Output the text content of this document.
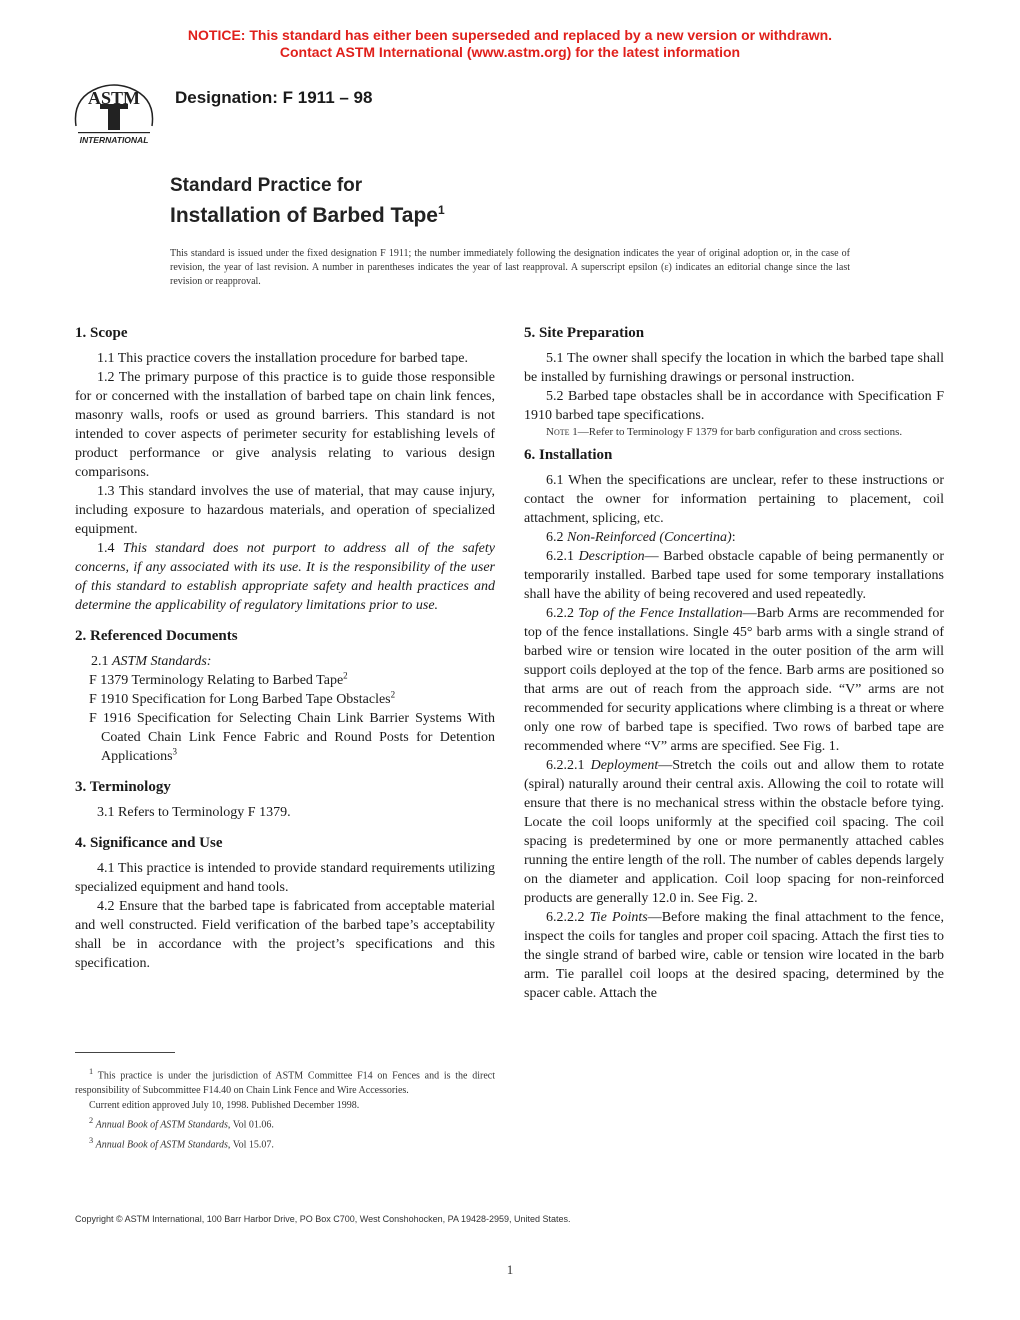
NOTICE: This standard has either been superseded and replaced by a new version or withdrawn.
Contact ASTM International (www.astm.org) for the latest information
ASTM
INTERNATIONAL
Designation: F 1911 – 98
Standard Practice for
Installation of Barbed Tape$^1$
This standard is issued under the fixed designation F 1911; the number immediately following the designation indicates the year of original adoption or, in the case of revision, the year of last revision. A number in parentheses indicates the year of last reapproval. A superscript epsilon (ε) indicates an editorial change since the last revision or reapproval.
1. Scope

1.1 This practice covers the installation procedure for barbed tape.

1.2 The primary purpose of this practice is to guide those responsible for or concerned with the installation of barbed tape on chain link fences, masonry walls, roofs or used as ground barriers. This standard is not intended to cover aspects of perimeter security for establishing levels of product performance or give analysis relating to various design comparisons.

1.3 This standard involves the use of material, that may cause injury, including exposure to hazardous materials, and operation of specialized equipment.

1.4 This standard does not purport to address all of the safety concerns, if any associated with its use. It is the responsibility of the user of this standard to establish appropriate safety and health practices and determine the applicability of regulatory limitations prior to use.

2. Referenced Documents

2.1 ASTM Standards:

F 1379 Terminology Relating to Barbed Tape$^2$

F 1910 Specification for Long Barbed Tape Obstacles$^2$

F 1916 Specification for Selecting Chain Link Barrier Systems With Coated Chain Link Fence Fabric and Round Posts for Detention Applications$^3$

3. Terminology

3.1 Refers to Terminology F 1379.

4. Significance and Use

4.1 This practice is intended to provide standard requirements utilizing specialized equipment and hand tools.

4.2 Ensure that the barbed tape is fabricated from acceptable material and well constructed. Field verification of the barbed tape’s acceptability shall be in accordance with the project’s specifications and this specification.

5. Site Preparation

5.1 The owner shall specify the location in which the barbed tape shall be installed by furnishing drawings or personal instruction.

5.2 Barbed tape obstacles shall be in accordance with Specification F 1910 barbed tape specifications.

Note 1—Refer to Terminology F 1379 for barb configuration and cross sections.

6. Installation

6.1 When the specifications are unclear, refer to these instructions or contact the owner for information pertaining to placement, coil attachment, splicing, etc.

6.2 Non-Reinforced (Concertina):

6.2.1 Description— Barbed obstacle capable of being permanently or temporarily installed. Barbed tape used for some temporary installations shall have the ability of being recovered and used repeatedly.

6.2.2 Top of the Fence Installation—Barb Arms are recommended for top of the fence installations. Single 45° barb arms with a single strand of barbed wire or tension wire located in the outer position of the arm will support coils deployed at the top of the fence. Barb arms are positioned so that arms are out of reach from the approach side. “V” arms are not recommended for security applications where climbing is a threat or where only one row of barbed tape is specified. Two rows of barbed tape are recommended where “V” arms are specified. See Fig. 1.

6.2.2.1 Deployment—Stretch the coils out and allow them to rotate (spiral) naturally around their central axis. Allowing the coil to rotate will ensure that there is no mechanical stress within the obstacle before tying. Locate the coil loops uniformly at the specified coil spacing. The coil spacing is predetermined by one or more permanently attached cables running the entire length of the roll. The number of cables depends largely on the diameter and application. Coil loop spacing for non-reinforced products are generally 12.0 in. See Fig. 2.

6.2.2.2 Tie Points—Before making the final attachment to the fence, inspect the coils for tangles and proper coil spacing. Attach the first ties to the single strand of barbed wire, cable or tension wire located in the barb arm. Tie parallel coil loops at the desired spacing, determined by the spacer cable. Attach the

$^1$ This practice is under the jurisdiction of ASTM Committee F14 on Fences and is the direct responsibility of Subcommittee F14.40 on Chain Link Fence and Wire Accessories.

Current edition approved July 10, 1998. Published December 1998.

$^2$ Annual Book of ASTM Standards, Vol 01.06.

$^3$ Annual Book of ASTM Standards, Vol 15.07.

Copyright © ASTM International, 100 Barr Harbor Drive, PO Box C700, West Conshohocken, PA 19428-2959, United States.
1
